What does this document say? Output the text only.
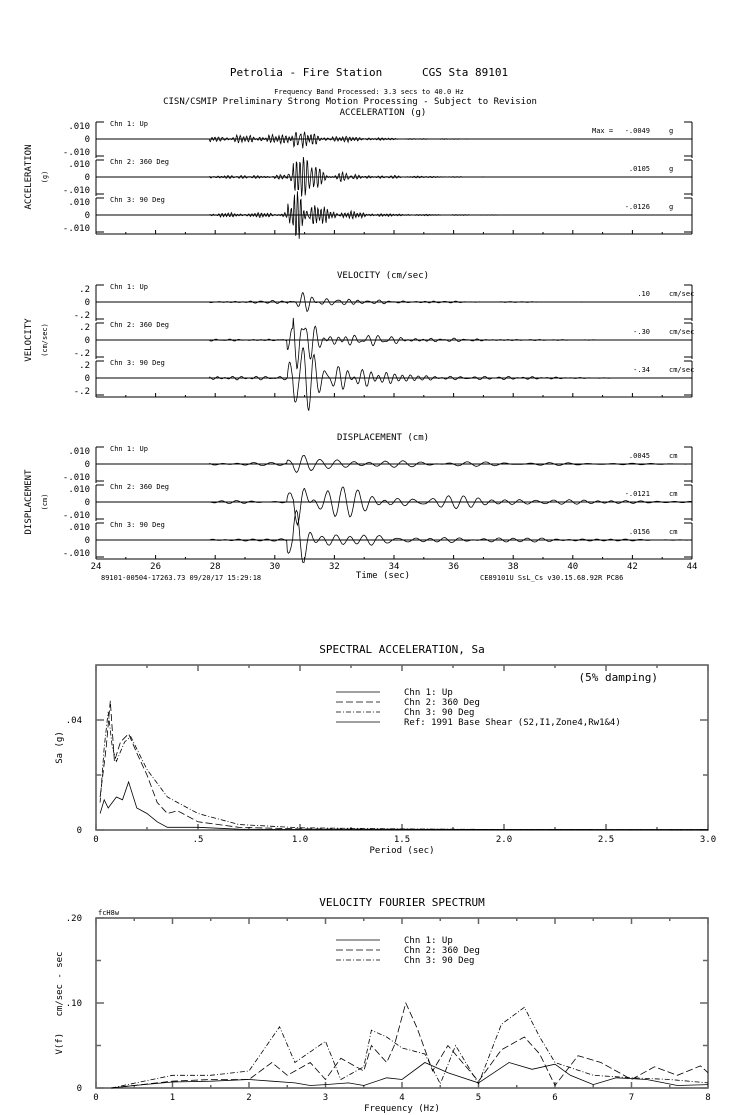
Petrolia - Fire Station      CGS Sta 89101
Frequency Band Processed: 3.3 secs to 40.0 Hz
CISN/CSMIP Preliminary Strong Motion Processing - Subject to Revision
89101-00504-17263.73 09/20/17 15:29:18	CE89101U SsL_Cs v30.15.68.92R PC86
ACCELERATION (g)
ACCELERATION (g)
.010
0
-.010
Chn 1: Up
Max = -.0049	g
.010
0
-.010
Chn 2: 360 Deg
.0105	g
.010
0
-.010
Chn 3: 90 Deg
-.0126	g
VELOCITY (cm/sec)
VELOCITY (cm/sec)
.2
0
-.2
Chn 1: Up
.10	cm/sec
.2
0
-.2
Chn 2: 360 Deg
-.30	cm/sec
.2
0
-.2
Chn 3: 90 Deg
-.34	cm/sec
DISPLACEMENT (cm)
DISPLACEMENT (cm)
.010
0
-.010
Chn 1: Up
.0045	cm
.010
0
-.010
Chn 2: 360 Deg
-.0121	cm
.010
0
-.010
Chn 3: 90 Deg
.0156	cm
24	26	28	30	32	34	36	38	40	42	44
Time (sec)
SPECTRAL ACCELERATION, Sa
0	.5	1.0	1.5	2.0	2.5	3.0
0
.04
Period (sec)
Sa (g)
Chn 1: Up
Chn 2: 360 Deg
Chn 3: 90 Deg
Ref: 1991 Base Shear (S2,I1,Zone4,Rw1&4)
(5% damping)
VELOCITY FOURIER SPECTRUM
0	1	2	3	4	5	6	7	8
.20
.10
0
Frequency (Hz)
V(f)   cm/sec - sec
Chn 1: Up
Chn 2: 360 Deg
Chn 3: 90 Deg
fcH8w
